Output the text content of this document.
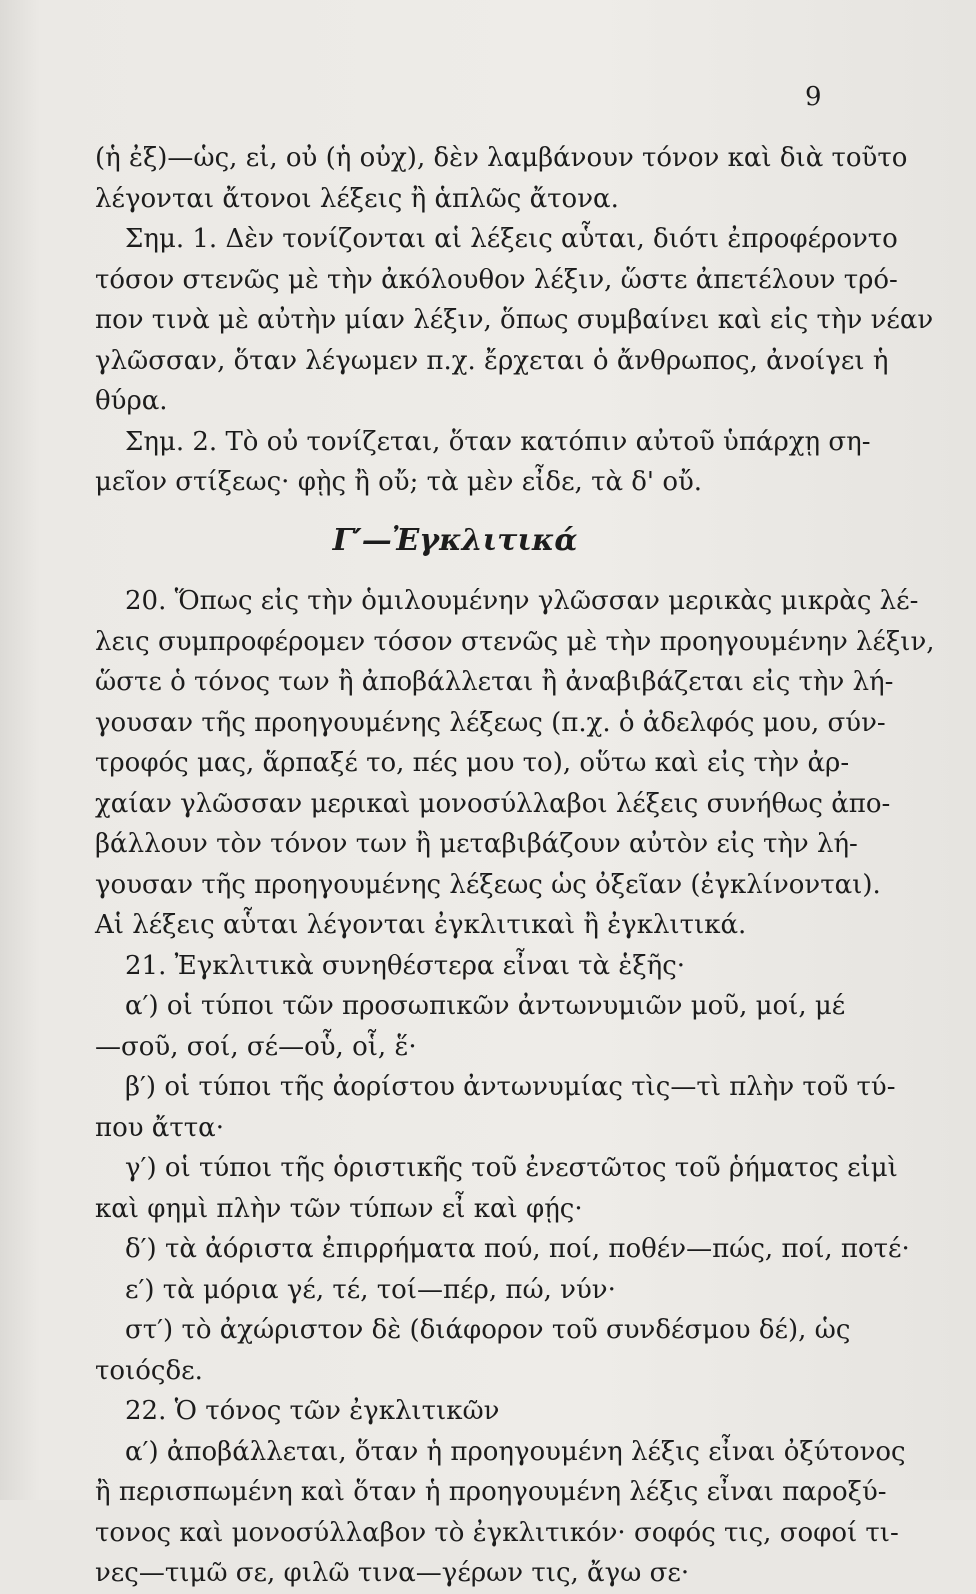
9
(ἡ ἐξ)—ὡς, εἰ, οὐ (ἡ οὐχ), δὲν λαμβάνουν τόνον καὶ διὰ τοῦτο
λέγονται ἄτονοι λέξεις ἢ ἁπλῶς ἄτονα.
Σημ. 1. Δὲν τονίζονται αἱ λέξεις αὗται, διότι ἐπροφέροντο
τόσον στενῶς μὲ τὴν ἀκόλουθον λέξιν, ὥστε ἀπετέλουν τρό-
πον τινὰ μὲ αὐτὴν μίαν λέξιν, ὅπως συμβαίνει καὶ εἰς τὴν νέαν
γλῶσσαν, ὅταν λέγωμεν π.χ. ἔρχεται ὁ ἄνθρωπος, ἀνοίγει ἡ
θύρα.
Σημ. 2. Τὸ οὐ τονίζεται, ὅταν κατόπιν αὐτοῦ ὑπάρχῃ ση-
μεῖον στίξεως· φῂς ἢ οὔ; τὰ μὲν εἶδε, τὰ δ' οὔ.
Γ′—Ἐγκλιτικά
20. Ὅπως εἰς τὴν ὁμιλουμένην γλῶσσαν μερικὰς μικρὰς λέ-
λεις συμπροφέρομεν τόσον στενῶς μὲ τὴν προηγουμένην λέξιν,
ὥστε ὁ τόνος των ἢ ἀποβάλλεται ἢ ἀναβιβάζεται εἰς τὴν λή-
γουσαν τῆς προηγουμένης λέξεως (π.χ. ὁ ἀδελφός μου, σύν-
τροφός μας, ἅρπαξέ το, πές μου το), οὕτω καὶ εἰς τὴν ἀρ-
χαίαν γλῶσσαν μερικαὶ μονοσύλλαβοι λέξεις συνήθως ἀπο-
βάλλουν τὸν τόνον των ἢ μεταβιβάζουν αὐτὸν εἰς τὴν λή-
γουσαν τῆς προηγουμένης λέξεως ὡς ὀξεῖαν (ἐγκλίνονται).
Αἱ λέξεις αὗται λέγονται ἐγκλιτικαὶ ἢ ἐγκλιτικά.
21. Ἐγκλιτικὰ συνηθέστερα εἶναι τὰ ἑξῆς·
α′) οἱ τύποι τῶν προσωπικῶν ἀντωνυμιῶν μοῦ, μοί, μέ
—σοῦ, σοί, σέ—οὗ, οἷ, ἕ·
β′) οἱ τύποι τῆς ἀορίστου ἀντωνυμίας τὶς—τὶ πλὴν τοῦ τύ-
που ἄττα·
γ′) οἱ τύποι τῆς ὁριστικῆς τοῦ ἐνεστῶτος τοῦ ῥήματος εἰμὶ
καὶ φημὶ πλὴν τῶν τύπων εἶ καὶ φῄς·
δ′) τὰ ἀόριστα ἐπιρρήματα πού, ποί, ποθέν—πώς, ποί, ποτέ·
ε′) τὰ μόρια γέ, τέ, τοί—πέρ, πώ, νύν·
στ′) τὸ ἀχώριστον δὲ (διάφορον τοῦ συνδέσμου δέ), ὡς
τοιόςδε.
22. Ὁ τόνος τῶν ἐγκλιτικῶν
α′) ἀποβάλλεται, ὅταν ἡ προηγουμένη λέξις εἶναι ὀξύτονος
ἢ περισπωμένη καὶ ὅταν ἡ προηγουμένη λέξις εἶναι παροξύ-
τονος καὶ μονοσύλλαβον τὸ ἐγκλιτικόν· σοφός τις, σοφοί τι-
νες—τιμῶ σε, φιλῶ τινα—γέρων τις, ἄγω σε·
